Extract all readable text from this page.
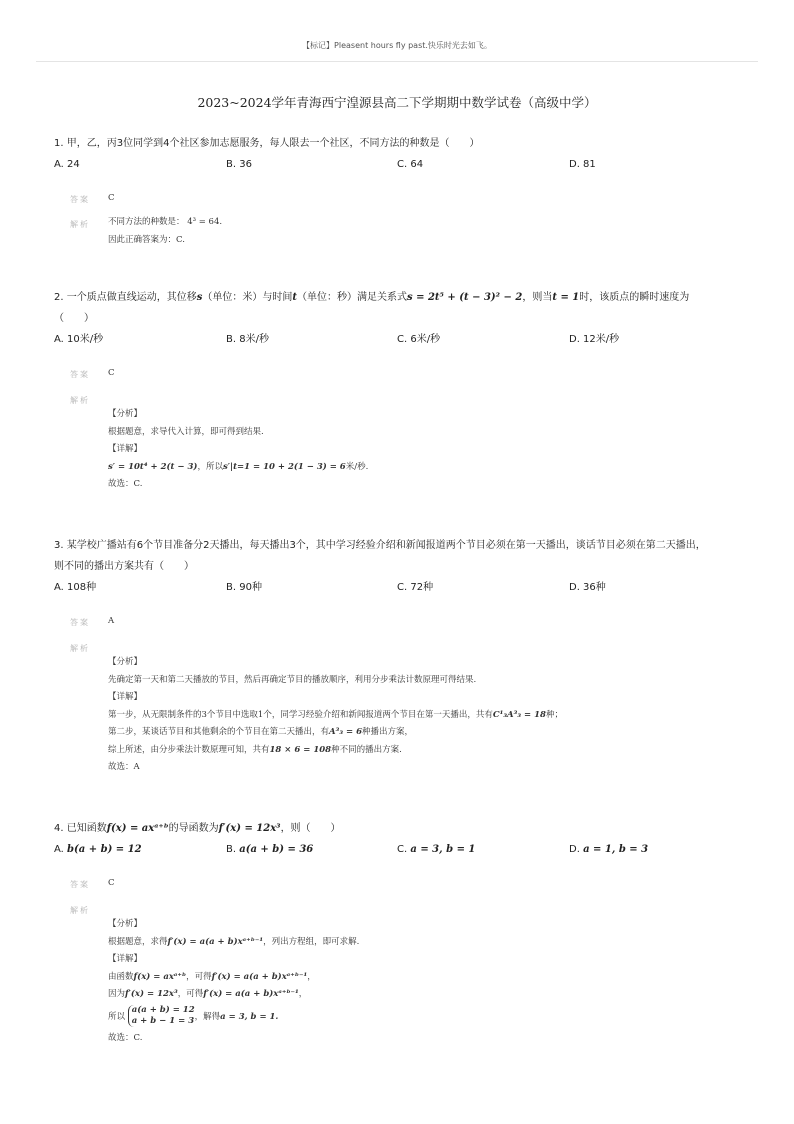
【标记】Pleasent hours fly past.快乐时光去如飞。
2023~2024学年青海西宁湟源县高二下学期期中数学试卷（高级中学）
1. 甲，乙，丙3位同学到4个社区参加志愿服务，每人限去一个社区，不同方法的种数是（　　）
A. 24	B. 36	C. 64	D. 81
答案 C
解析 不同方法的种数是： 4³ = 64.
因此正确答案为：C.
2. 一个质点做直线运动，其位移s（单位：米）与时间t（单位：秒）满足关系式s = 2t⁵ + (t − 3)² − 2，则当t = 1时，该质点的瞬时速度为
（　　）
A. 10米/秒	B. 8米/秒	C. 6米/秒	D. 12米/秒
答案 C
解析
【分析】
根据题意，求导代入计算，即可得到结果.
【详解】
s′ = 10t⁴ + 2(t − 3)，所以s′|t=1 = 10 + 2(1 − 3) = 6米/秒.
故选：C.
3. 某学校广播站有6个节目准备分2天播出，每天播出3个，其中学习经验介绍和新闻报道两个节目必须在第一天播出，谈话节目必须在第二天播出，
则不同的播出方案共有（　　）
A. 108种	B. 90种	C. 72种	D. 36种
答案 A
解析
【分析】
先确定第一天和第二天播放的节目，然后再确定节目的播放顺序，利用分步乘法计数原理可得结果.
【详解】
第一步，从无限制条件的3个节目中选取1个，同学习经验介绍和新闻报道两个节目在第一天播出，共有C¹₃A³₃ = 18种；
第二步，某谈话节目和其他剩余的个节目在第二天播出，有A³₃ = 6种播出方案，
综上所述，由分步乘法计数原理可知，共有18 × 6 = 108种不同的播出方案.
故选：A
4. 已知函数f(x) = axᵃ⁺ᵇ的导函数为f′(x) = 12x³，则（　　）
A. b(a + b) = 12	B. a(a + b) = 36	C. a = 3, b = 1	D. a = 1, b = 3
答案 C
解析
【分析】
根据题意，求得f′(x) = a(a + b)xᵃ⁺ᵇ⁻¹，列出方程组，即可求解.
【详解】
由函数f(x) = axᵃ⁺ᵇ，可得f′(x) = a(a + b)xᵃ⁺ᵇ⁻¹，
因为f′(x) = 12x³，可得f′(x) = a(a + b)xᵃ⁺ᵇ⁻¹，
所以
a(a + b) = 12
a + b − 1 = 3 ，解得a = 3, b = 1.
故选：C.
